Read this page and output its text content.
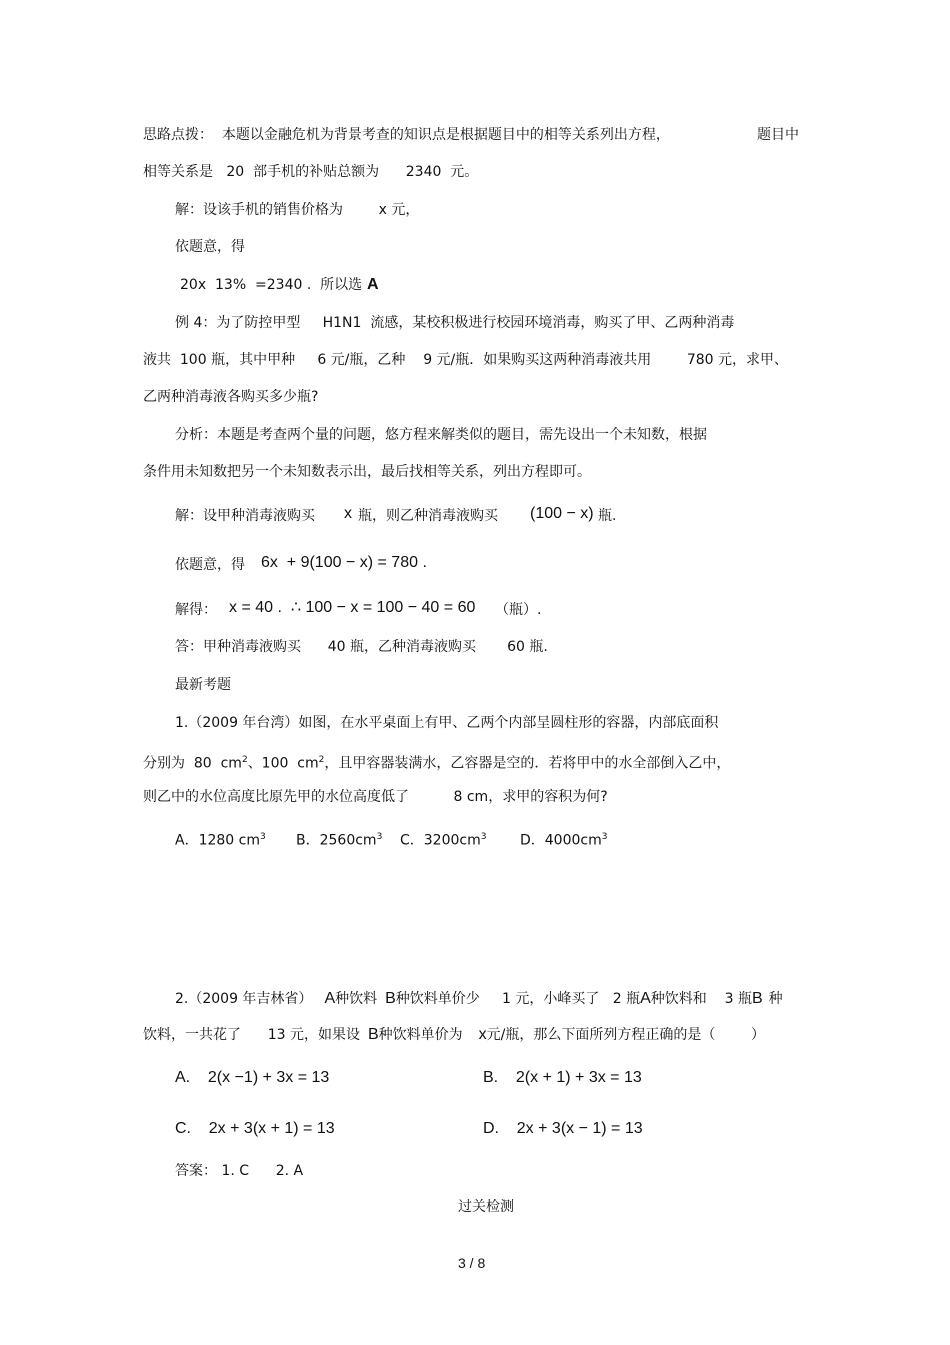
思路点拨：  本题以金融危机为背景考查的知识点是根据题目中的相等关系列出方程，	题目中
相等关系是   20  部手机的补贴总额为      2340  元。
解：设该手机的销售价格为        x 元，
依题意，得
20x  13%  =2340 .  所以选 A
例 4：为了防控甲型     H1N1  流感，某校积极进行校园环境消毒，购买了甲、乙两种消毒
液共  100 瓶，其中甲种     6 元/瓶，乙种    9 元/瓶．如果购买这两种消毒液共用        780 元，求甲、
乙两种消毒液各购买多少瓶?
分析：本题是考查两个量的问题，悠方程来解类似的题目，需先设出一个未知数，根据
条件用未知数把另一个未知数表示出，最后找相等关系，列出方程即可。
解：设甲种消毒液购买 x 瓶，则乙种消毒液购买 (100 − x) 瓶.
依题意，得 6x  + 9(100 − x) = 780 .
解得： x = 40 .  ∴ 100 − x = 100 − 40 = 60 （瓶）.
答：甲种消毒液购买      40 瓶，乙种消毒液购买       60 瓶.
最新考题
1.（2009 年台湾）如图，在水平桌面上有甲、乙两个内部呈圆柱形的容器，内部底面积
分别为  80  $cm^2$、100  $cm^2$，且甲容器装满水，乙容器是空的．若将甲中的水全部倒入乙中，
则乙中的水位高度比原先甲的水位高度低了          8 cm，求甲的容积为何?
A．1280 $cm^3$ B．$2560cm^3$ C．$3200cm^3$ D．$4000cm^3$
2.（2009 年吉林省） A种饮料 B种饮料单价少     1 元，小峰买了   2 瓶A种饮料和    3 瓶B 种
饮料，一共花了      13 元，如果设 B种饮料单价为 x元/瓶，那么下面所列方程正确的是（        ）
A.    2(x −1) + 3x = 13	B.    2(x + 1) + 3x = 13
C.    2x + 3(x + 1) = 13	D.    2x + 3(x − 1) = 13
答案： 1. C      2. A
过关检测
3 / 8
